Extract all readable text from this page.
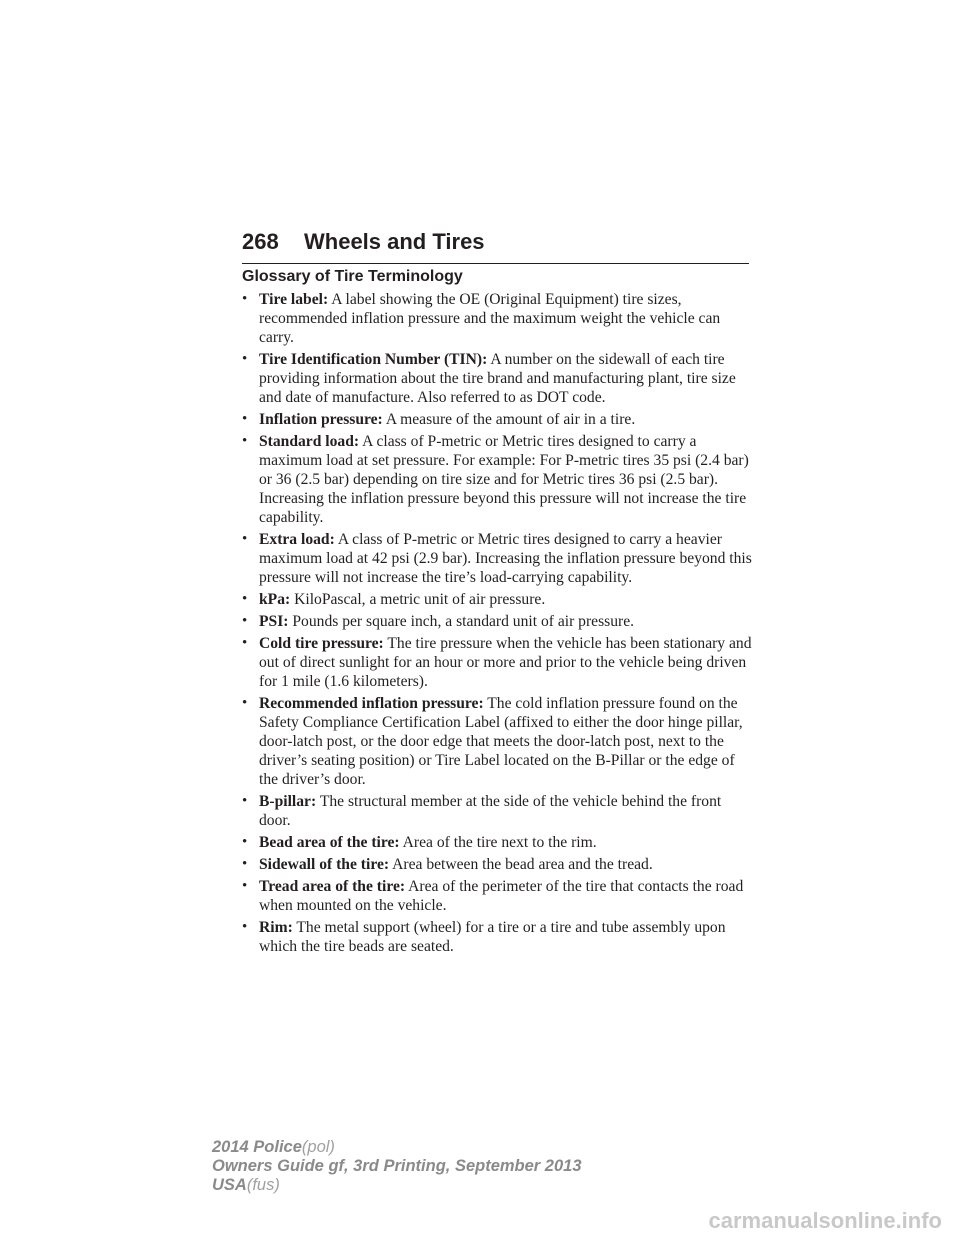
268 Wheels and Tires
Glossary of Tire Terminology
• Tire label: A label showing the OE (Original Equipment) tire sizes, recommended inflation pressure and the maximum weight the vehicle can carry.
• Tire Identification Number (TIN): A number on the sidewall of each tire providing information about the tire brand and manufacturing plant, tire size and date of manufacture. Also referred to as DOT code.
• Inflation pressure: A measure of the amount of air in a tire.
• Standard load: A class of P-metric or Metric tires designed to carry a maximum load at set pressure. For example: For P-metric tires 35 psi (2.4 bar) or 36 (2.5 bar) depending on tire size and for Metric tires 36 psi (2.5 bar). Increasing the inflation pressure beyond this pressure will not increase the tire capability.
• Extra load: A class of P-metric or Metric tires designed to carry a heavier maximum load at 42 psi (2.9 bar). Increasing the inflation pressure beyond this pressure will not increase the tire’s load-carrying capability.
• kPa: KiloPascal, a metric unit of air pressure.
• PSI: Pounds per square inch, a standard unit of air pressure.
• Cold tire pressure: The tire pressure when the vehicle has been stationary and out of direct sunlight for an hour or more and prior to the vehicle being driven for 1 mile (1.6 kilometers).
• Recommended inflation pressure: The cold inflation pressure found on the Safety Compliance Certification Label (affixed to either the door hinge pillar, door-latch post, or the door edge that meets the door-latch post, next to the driver’s seating position) or Tire Label located on the B-Pillar or the edge of the driver’s door.
• B-pillar: The structural member at the side of the vehicle behind the front door.
• Bead area of the tire: Area of the tire next to the rim.
• Sidewall of the tire: Area between the bead area and the tread.
• Tread area of the tire: Area of the perimeter of the tire that contacts the road when mounted on the vehicle.
• Rim: The metal support (wheel) for a tire or a tire and tube assembly upon which the tire beads are seated.
2014 Police(pol)
Owners Guide gf, 3rd Printing, September 2013
USA(fus)
carmanualsonline.info
